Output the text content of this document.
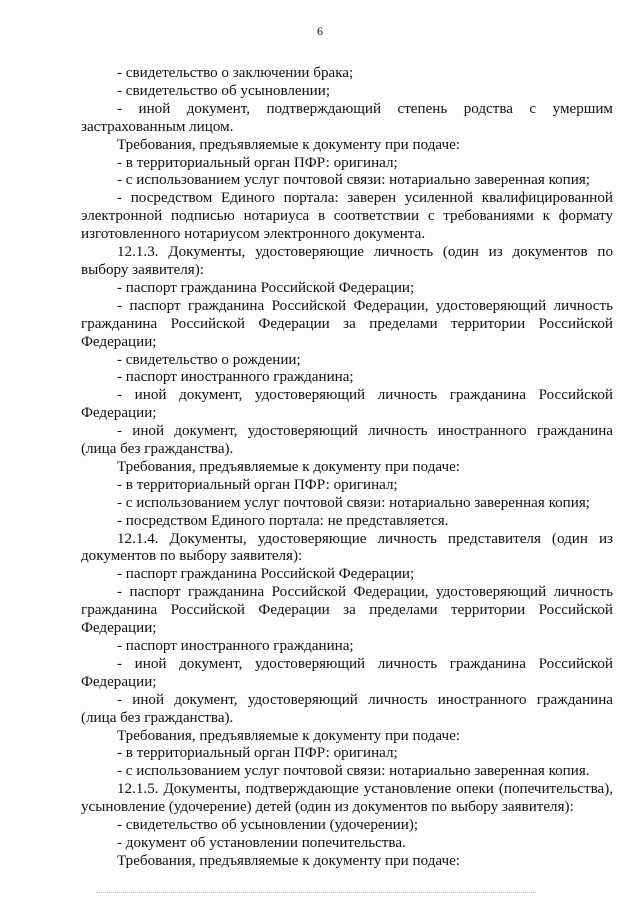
6

- свидетельство о заключении брака;

- свидетельство об усыновлении;

- иной документ, подтверждающий степень родства с умершим застрахованным лицом.

Требования, предъявляемые к документу при подаче:

- в территориальный орган ПФР: оригинал;

- с использованием услуг почтовой связи: нотариально заверенная копия;

- посредством Единого портала: заверен усиленной квалифицированной электронной подписью нотариуса в соответствии с требованиями к формату изготовленного нотариусом электронного документа.

12.1.3. Документы, удостоверяющие личность (один из документов по выбору заявителя):

- паспорт гражданина Российской Федерации;

- паспорт гражданина Российской Федерации, удостоверяющий личность гражданина Российской Федерации за пределами территории Российской Федерации;

- свидетельство о рождении;

- паспорт иностранного гражданина;

- иной документ, удостоверяющий личность гражданина Российской Федерации;

- иной документ, удостоверяющий личность иностранного гражданина (лица без гражданства).

Требования, предъявляемые к документу при подаче:

- в территориальный орган ПФР: оригинал;

- с использованием услуг почтовой связи: нотариально заверенная копия;

- посредством Единого портала: не представляется.

12.1.4. Документы, удостоверяющие личность представителя (один из документов по выбору заявителя):

- паспорт гражданина Российской Федерации;

- паспорт гражданина Российской Федерации, удостоверяющий личность гражданина Российской Федерации за пределами территории Российской Федерации;

- паспорт иностранного гражданина;

- иной документ, удостоверяющий личность гражданина Российской Федерации;

- иной документ, удостоверяющий личность иностранного гражданина (лица без гражданства).

Требования, предъявляемые к документу при подаче:

- в территориальный орган ПФР: оригинал;

- с использованием услуг почтовой связи: нотариально заверенная копия.

12.1.5. Документы, подтверждающие установление опеки (попечительства), усыновление (удочерение) детей (один из документов по выбору заявителя):

- свидетельство об усыновлении (удочерении);

- документ об установлении попечительства.

Требования, предъявляемые к документу при подаче:
